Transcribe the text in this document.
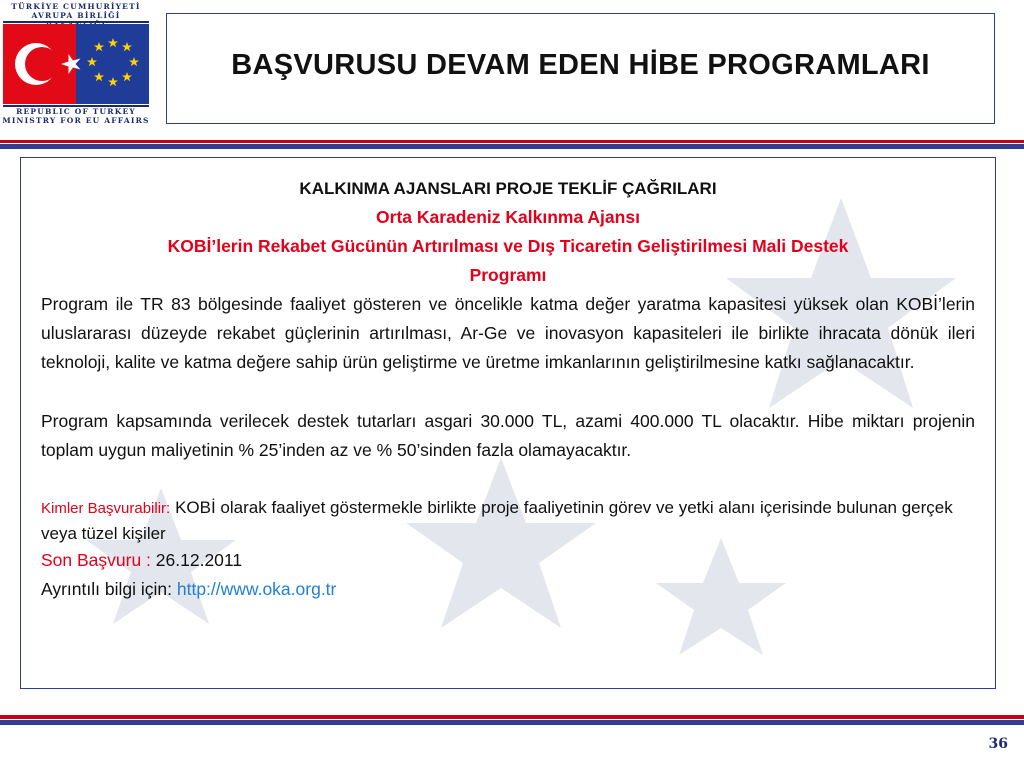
TÜRKİYE CUMHURİYETİ
AVRUPA BİRLİĞİ
REPUBLIC OF TURKEY
MINISTRY FOR EU AFFAIRS
BAŞVURUSU DEVAM EDEN HİBE PROGRAMLARI
KALKINMA AJANSLARI PROJE TEKLİF ÇAĞRILARI
Orta Karadeniz Kalkınma Ajansı
KOBİ’lerin Rekabet Gücünün Artırılması ve Dış Ticaretin Geliştirilmesi Mali Destek
Programı
Program ile TR 83 bölgesinde faaliyet gösteren ve öncelikle katma değer yaratma kapasitesi yüksek olan KOBİ’lerin uluslararası düzeyde rekabet güçlerinin artırılması, Ar-Ge ve inovasyon kapasiteleri ile birlikte ihracata dönük ileri teknoloji, kalite ve katma değere sahip ürün geliştirme ve üretme imkanlarının geliştirilmesine katkı sağlanacaktır.
Program kapsamında verilecek destek tutarları asgari 30.000 TL, azami 400.000 TL olacaktır. Hibe miktarı projenin toplam uygun maliyetinin % 25’inden az ve % 50’sinden fazla olamayacaktır.
Kimler Başvurabilir: KOBİ olarak faaliyet göstermekle birlikte proje faaliyetinin görev ve yetki alanı içerisinde bulunan gerçek veya tüzel kişiler
Son Başvuru : 26.12.2011
Ayrıntılı bilgi için: http://www.oka.org.tr
36
